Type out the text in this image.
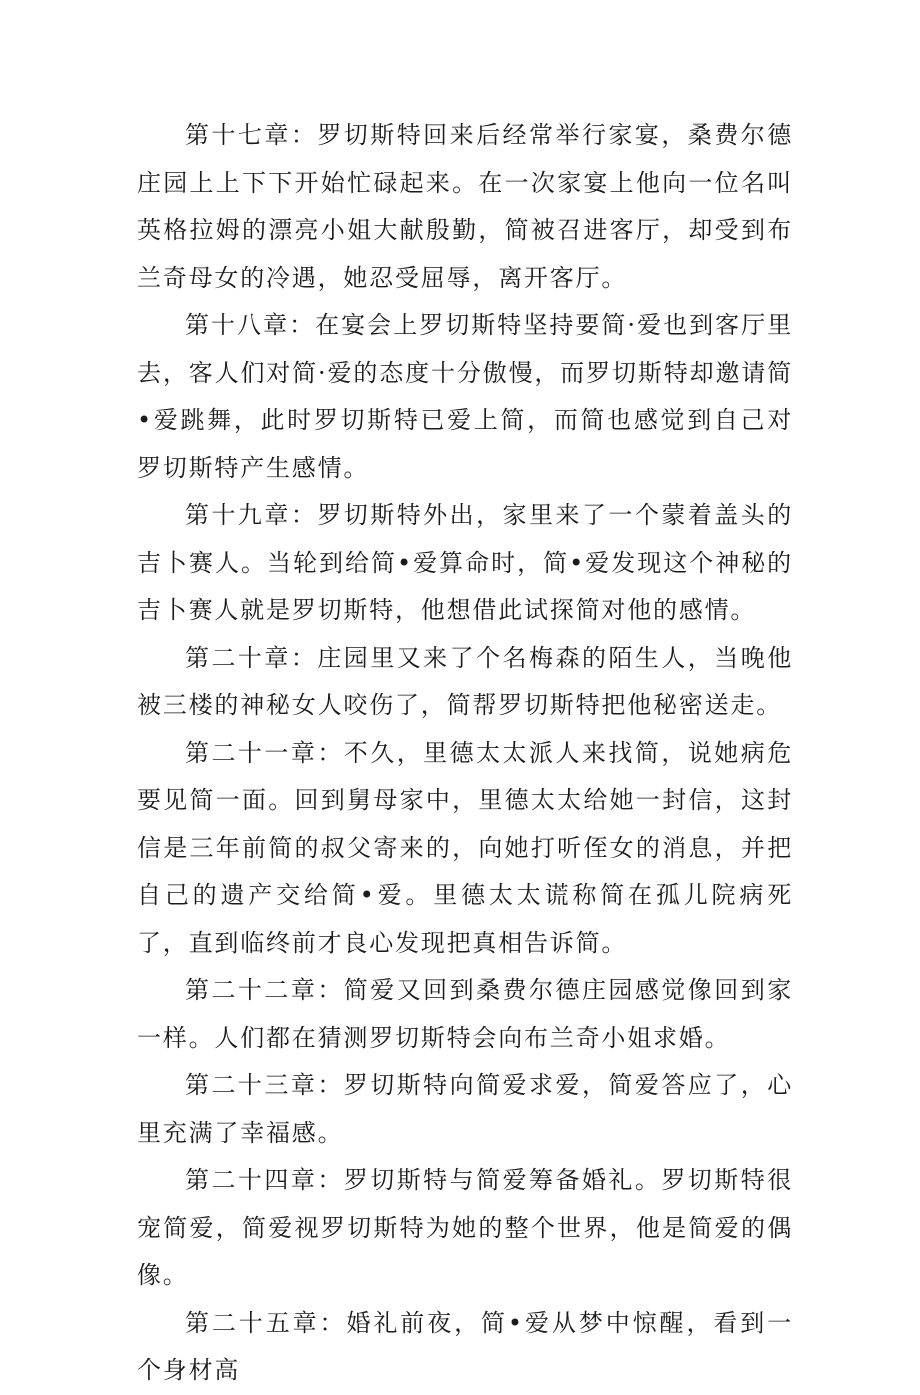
第十七章：罗切斯特回来后经常举行家宴，桑费尔德庄园上上下下开始忙碌起来。在一次家宴上他向一位名叫英格拉姆的漂亮小姐大献殷勤，简被召进客厅，却受到布兰奇母女的冷遇，她忍受屈辱，离开客厅。

第十八章：在宴会上罗切斯特坚持要简·爱也到客厅里去，客人们对简·爱的态度十分傲慢，而罗切斯特却邀请简•爱跳舞，此时罗切斯特已爱上简，而简也感觉到自己对罗切斯特产生感情。

第十九章：罗切斯特外出，家里来了一个蒙着盖头的吉卜赛人。当轮到给简•爱算命时，简•爱发现这个神秘的吉卜赛人就是罗切斯特，他想借此试探简对他的感情。

第二十章：庄园里又来了个名梅森的陌生人，当晚他被三楼的神秘女人咬伤了，简帮罗切斯特把他秘密送走。

第二十一章：不久，里德太太派人来找简，说她病危要见简一面。回到舅母家中，里德太太给她一封信，这封信是三年前简的叔父寄来的，向她打听侄女的消息，并把自己的遗产交给简•爱。里德太太谎称简在孤儿院病死了，直到临终前才良心发现把真相告诉简。

第二十二章：简爱又回到桑费尔德庄园感觉像回到家一样。人们都在猜测罗切斯特会向布兰奇小姐求婚。

第二十三章：罗切斯特向简爱求爱，简爱答应了，心里充满了幸福感。

第二十四章：罗切斯特与简爱筹备婚礼。罗切斯特很宠简爱，简爱视罗切斯特为她的整个世界，他是简爱的偶像。

第二十五章：婚礼前夜，简•爱从梦中惊醒，看到一个身材高
